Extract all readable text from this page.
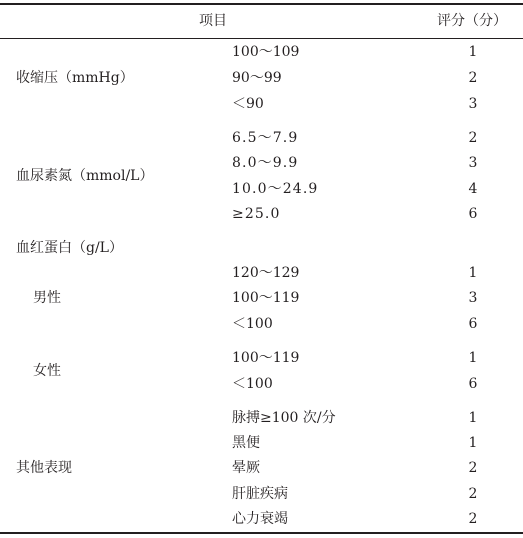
项目	评分（分）
收缩压（mmHg）
100～109	1
90～99	2
＜90	3
血尿素氮（mmol/L）
6.5～7.9	2
8.0～9.9	3
10.0～24.9	4
≥25.0	6
血红蛋白（g/L）
男性
120～129	1
100～119	3
＜100	6
女性
100～119	1
＜100	6
其他表现
脉搏≥100 次/分	1
黑便	1
晕厥	2
肝脏疾病	2
心力衰竭	2
